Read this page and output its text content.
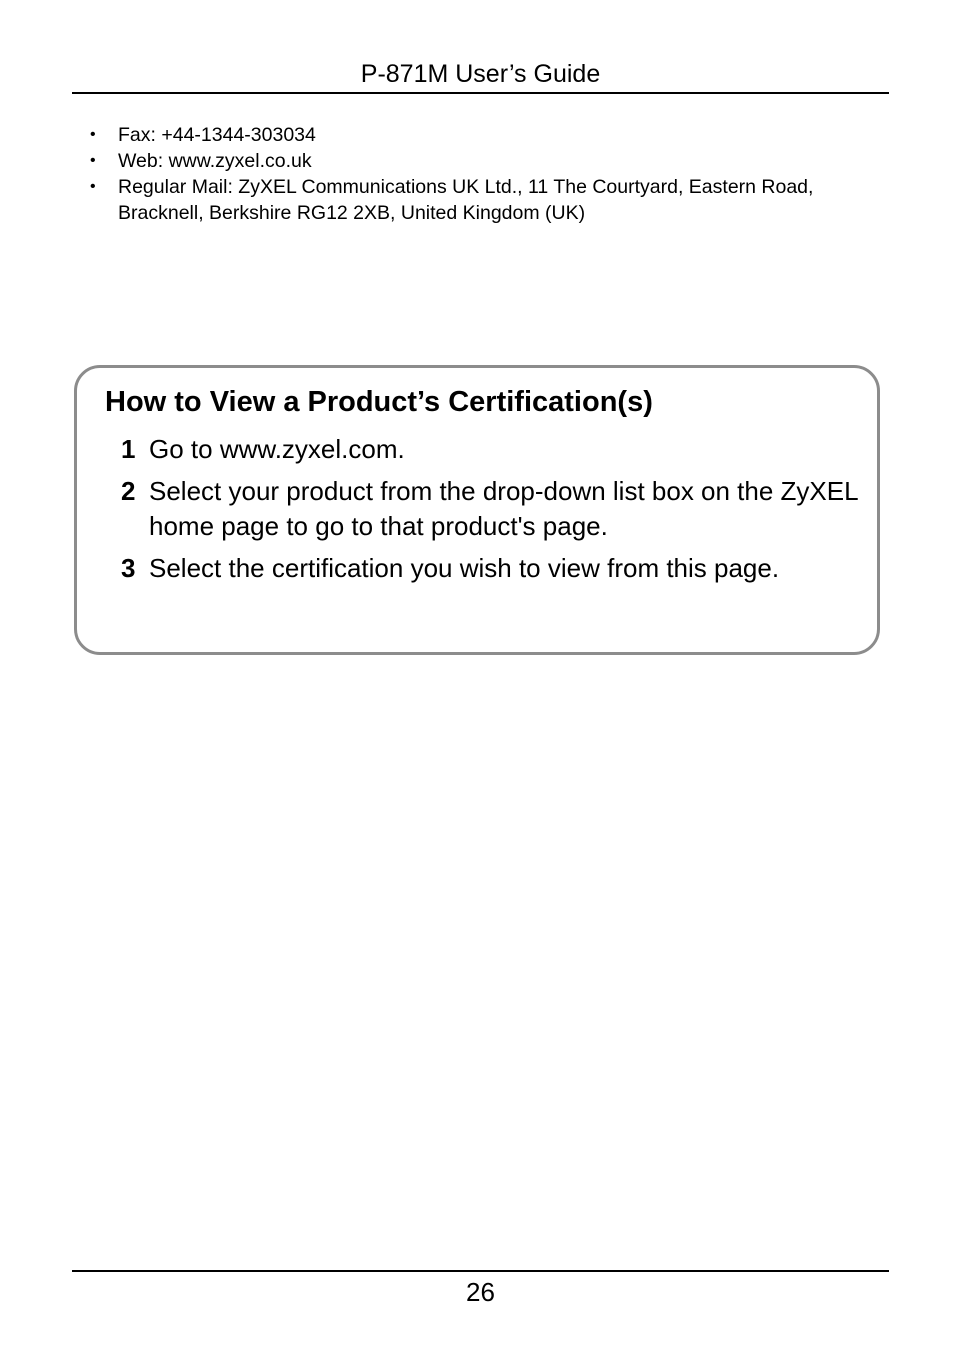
P-871M User’s Guide
• Fax: +44-1344-303034
• Web: www.zyxel.co.uk
• Regular Mail: ZyXEL Communications UK Ltd., 11 The Courtyard, Eastern Road, Bracknell, Berkshire RG12 2XB, United Kingdom (UK)
How to View a Product’s Certification(s)
1 Go to www.zyxel.com.
2 Select your product from the drop-down list box on the ZyXEL home page to go to that product's page.
3 Select the certification you wish to view from this page.
26
